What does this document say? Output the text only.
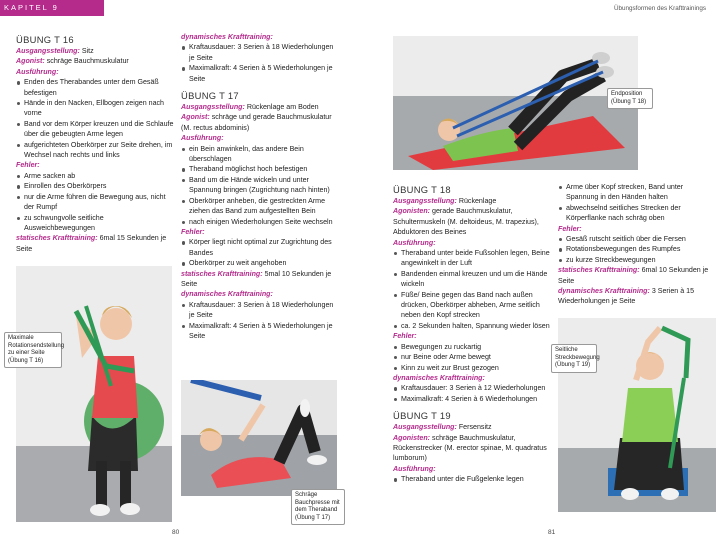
KAPITEL 9	Übungsformen des Krafttrainings
80	81
ÜBUNG T 16

Ausgangsstellung: Sitz

Agonist: schräge Bauchmuskulatur

Ausführung:

Enden des Therabandes unter dem Gesäß befestigen

Hände in den Nacken, Ellbogen zeigen nach vorne

Band vor dem Körper kreuzen und die Schlaufe über die gebeugten Arme legen

aufgerichteten Oberkörper zur Seite drehen, im Wechsel nach rechts und links

Fehler:

Arme sacken ab

Einrollen des Oberkörpers

nur die Arme führen die Bewegung aus, nicht der Rumpf

zu schwungvolle seitliche Ausweichbewegungen

statisches Krafttraining: 6mal 15 Sekunden je Seite

Maximale Rotationsendstellung zu einer Seite (Übung T 16)

dynamisches Krafttraining:

Kraftausdauer: 3 Serien à 18 Wiederholungen je Seite

Maximalkraft: 4 Serien à 5 Wiederholungen je Seite

ÜBUNG T 17

Ausgangsstellung: Rückenlage am Boden

Agonist: schräge und gerade Bauchmuskulatur (M. rectus abdominis)

Ausführung:

ein Bein anwinkeln, das andere Bein überschlagen

Theraband möglichst hoch befestigen

Band um die Hände wickeln und unter Spannung bringen (Zugrichtung nach hinten)

Oberkörper anheben, die gestreckten Arme ziehen das Band zum aufgestellten Bein

nach einigen Wiederholungen Seite wechseln

Fehler:

Körper liegt nicht optimal zur Zugrichtung des Bandes

Oberkörper zu weit angehoben

statisches Krafttraining: 5mal 10 Sekunden je Seite

dynamisches Krafttraining:

Kraftausdauer: 3 Serien à 18 Wiederholungen je Seite

Maximalkraft: 4 Serien à 5 Wiederholungen je Seite

Schräge Bauchpresse mit dem Theraband (Übung T 17)
Endposition (Übung T 18)
ÜBUNG T 18

Ausgangsstellung: Rückenlage

Agonisten: gerade Bauchmuskulatur, Schultermuskeln (M. deltoideus, M. trapezius), Abduktoren des Beines

Ausführung:

Theraband unter beide Fußsohlen legen, Beine angewinkelt in der Luft

Bandenden einmal kreuzen und um die Hände wickeln

Füße/ Beine gegen das Band nach außen drücken, Oberkörper abheben, Arme seitlich neben den Kopf strecken

ca. 2 Sekunden halten, Spannung wieder lösen

Fehler:

Bewegungen zu ruckartig

nur Beine oder Arme bewegt

Kinn zu weit zur Brust gezogen

dynamisches Krafttraining:

Kraftausdauer: 3 Serien à 12 Wiederholungen

Maximalkraft: 4 Serien à 6 Wiederholungen

ÜBUNG T 19

Ausgangsstellung: Fersensitz

Agonisten: schräge Bauchmuskulatur, Rückenstrecker (M. erector spinae, M. quadratus lumborum)

Ausführung:

Theraband unter die Fußgelenke legen

Arme über Kopf strecken, Band unter Spannung in den Händen halten

abwechselnd seitliches Strecken der Körperflanke nach schräg oben

Fehler:

Gesäß rutscht seitlich über die Fersen

Rotationsbewegungen des Rumpfes

zu kurze Streckbewegungen

statisches Krafttraining: 6mal 10 Sekunden je Seite

dynamisches Krafttraining: 3 Serien à 15 Wiederholungen je Seite

Seitliche Streckbewegung (Übung T 19)
